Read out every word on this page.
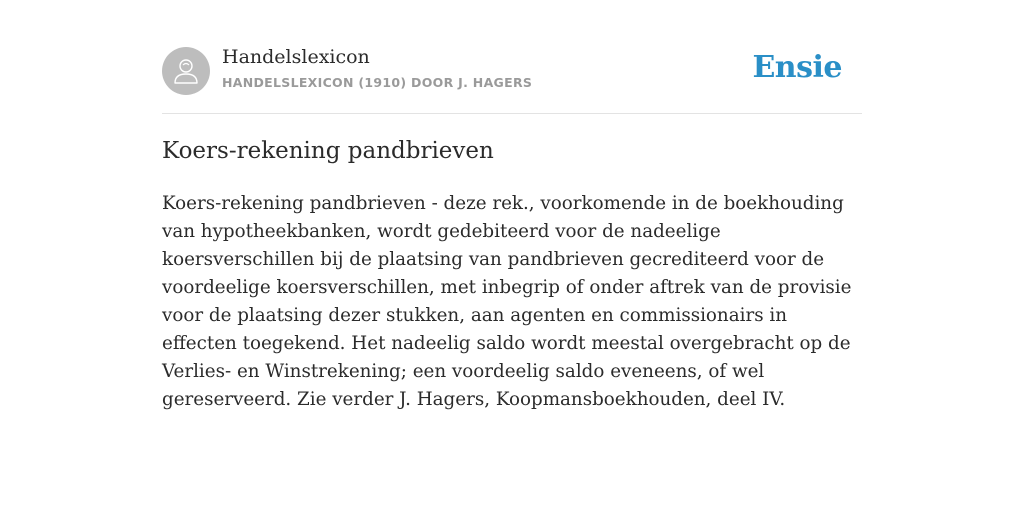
Handelslexicon
HANDELSLEXICON (1910) DOOR J. HAGERS	Ensie
Koers-rekening pandbrieven

Koers-rekening pandbrieven - deze rek., voorkomende in de boekhouding van hypotheekbanken, wordt gedebiteerd voor de nadeelige koersverschillen bij de plaatsing van pandbrieven gecrediteerd voor de voordeelige koersverschillen, met inbegrip of onder aftrek van de provisie voor de plaatsing dezer stukken, aan agenten en commissionairs in effecten toegekend. Het nadeelig saldo wordt meestal overgebracht op de Verlies- en Winstrekening; een voordeelig saldo eveneens, of wel gereserveerd. Zie verder J. Hagers, Koopmansboekhouden, deel IV.
